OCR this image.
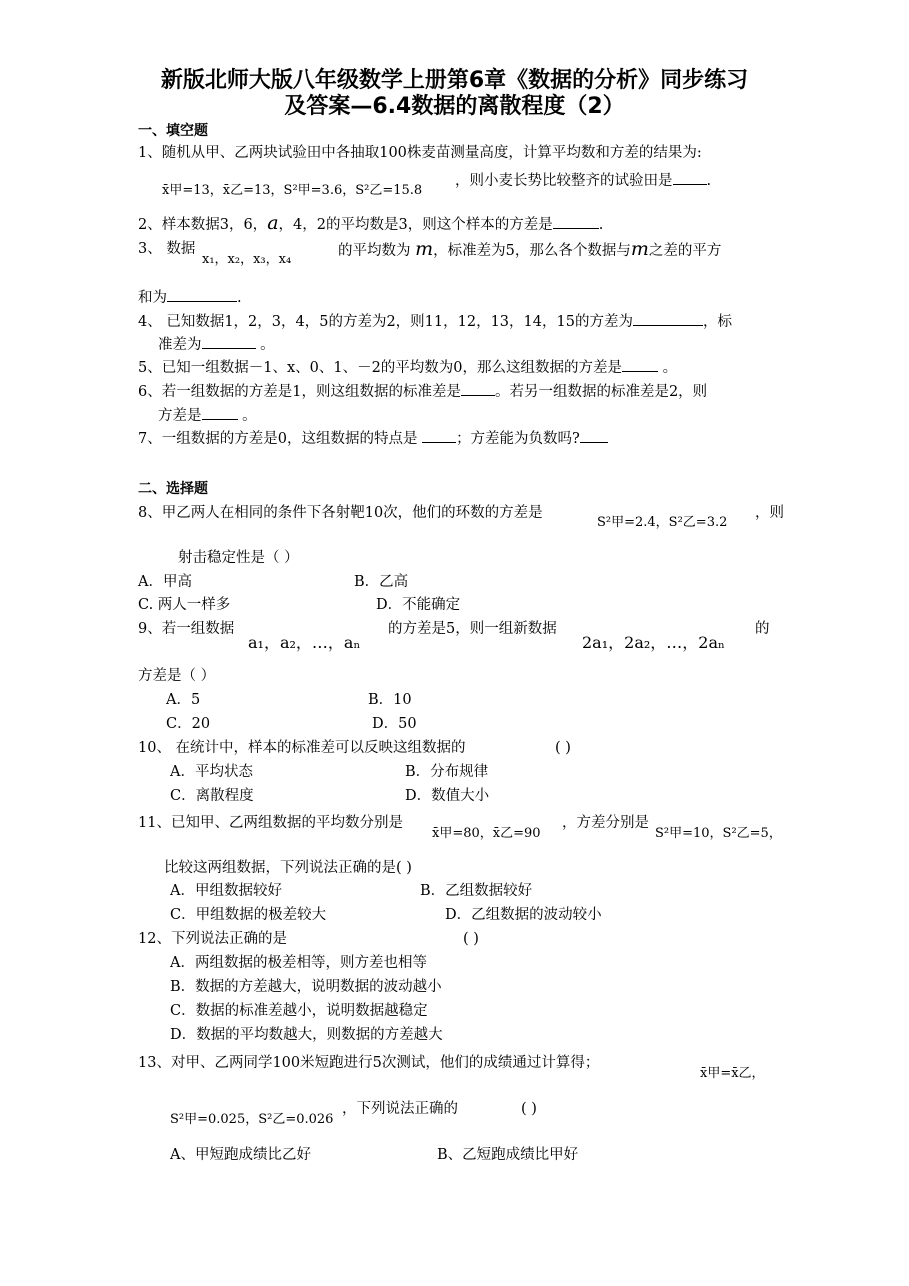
新版北师大版八年级数学上册第6章《数据的分析》同步练习
及答案—6.4数据的离散程度（2）
一、填空题
1、随机从甲、乙两块试验田中各抽取100株麦苗测量高度，计算平均数和方差的结果为:
x̄甲=13，x̄乙=13，S²甲=3.6，S²乙=15.8
，则小麦长势比较整齐的试验田是 .
2、样本数据3，6，a，4，2的平均数是3，则这个样本的方差是	.
3、 数据
x₁，x₂，x₃，x₄
的平均数为 m，标准差为5，那么各个数据与m之差的平方
和为	.
4、 已知数据1，2，3，4，5的方差为2，则11，12，13，14，15的方差为	，标
准差为	。
5、已知一组数据－1、x、0、1、－2的平均数为0，那么这组数据的方差是	。
6、若一组数据的方差是1，则这组数据的标准差是 。若另一组数据的标准差是2，则
方差是	。
7、一组数据的方差是0，这组数据的特点是	；方差能为负数吗?
二、选择题
8、甲乙两人在相同的条件下各射靶10次，他们的环数的方差是
S²甲=2.4，S²乙=3.2
，则
射击稳定性是（ ）
A．甲高	B．乙高
C. 两人一样多	D．不能确定
9、若一组数据
a₁，a₂，…，aₙ
的方差是5，则一组新数据
2a₁，2a₂，…，2aₙ
的
方差是（ ）
A．5	B．10
C．20	D．50
10、 在统计中，样本的标准差可以反映这组数据的	( )
A．平均状态	B．分布规律
C．离散程度	D．数值大小
11、已知甲、乙两组数据的平均数分别是
x̄甲=80，x̄乙=90
，方差分别是
S²甲=10，S²乙=5，
比较这两组数据，下列说法正确的是( )
A．甲组数据较好	B．乙组数据较好
C．甲组数据的极差较大	D．乙组数据的波动较小
12、下列说法正确的是	( )
A．两组数据的极差相等，则方差也相等
B．数据的方差越大，说明数据的波动越小
C．数据的标准差越小，说明数据越稳定
D．数据的平均数越大，则数据的方差越大
13、对甲、乙两同学100米短跑进行5次测试，他们的成绩通过计算得；
x̄甲=x̄乙，
S²甲=0.025，S²乙=0.026
，下列说法正确的	( )
A、甲短跑成绩比乙好	B、乙短跑成绩比甲好
